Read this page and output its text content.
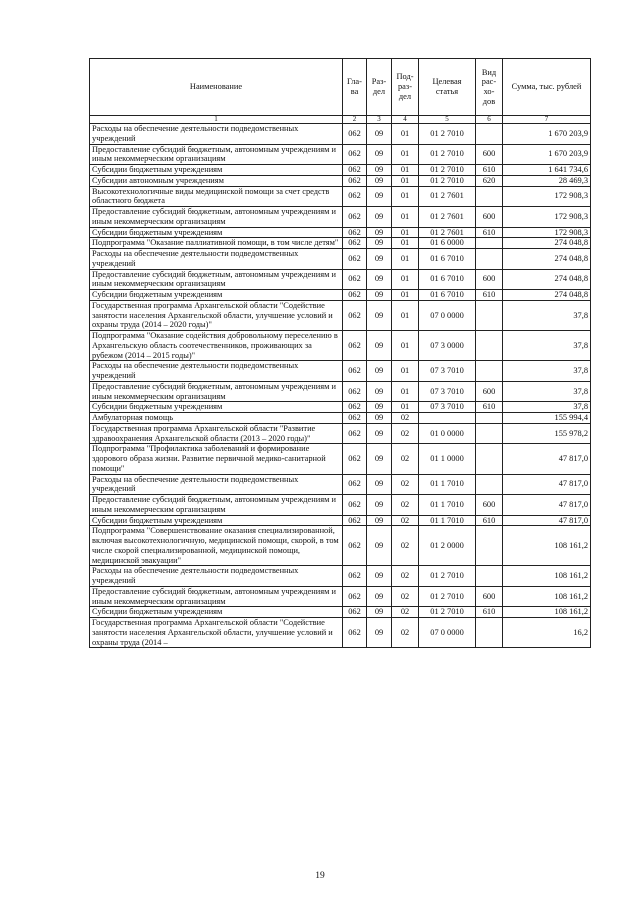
Наименование	Гла-ва	Раз-дел	Под-раз-дел	Целевая статья	Вид рас-хо-дов	Сумма, тыс. рублей
1	2	3	4	5	6	7
Расходы на обеспечение деятельности подведомственных учреждений	062	09	01	01 2 7010		1 670 203,9
Предоставление субсидий бюджетным, автономным учреждениям и иным некоммерческим организациям	062	09	01	01 2 7010	600	1 670 203,9
Субсидии бюджетным учреждениям	062	09	01	01 2 7010	610	1 641 734,6
Субсидии автономным учреждениям	062	09	01	01 2 7010	620	28 469,3
Высокотехнологичные виды медицинской помощи за счет средств областного бюджета	062	09	01	01 2 7601		172 908,3
Предоставление субсидий бюджетным, автономным учреждениям и иным некоммерческим организациям	062	09	01	01 2 7601	600	172 908,3
Субсидии бюджетным учреждениям	062	09	01	01 2 7601	610	172 908,3
Подпрограмма "Оказание паллиативной помощи, в том числе детям"	062	09	01	01 6 0000		274 048,8
Расходы на обеспечение деятельности подведомственных учреждений	062	09	01	01 6 7010		274 048,8
Предоставление субсидий бюджетным, автономным учреждениям и иным некоммерческим организациям	062	09	01	01 6 7010	600	274 048,8
Субсидии бюджетным учреждениям	062	09	01	01 6 7010	610	274 048,8
Государственная программа Архангельской области "Содействие занятости населения Архангельской области, улучшение условий и охраны труда (2014 – 2020 годы)"	062	09	01	07 0 0000		37,8
Подпрограмма "Оказание содействия добровольному переселению в Архангельскую область соотечественников, проживающих за рубежом (2014 – 2015 годы)"	062	09	01	07 3 0000		37,8
Расходы на обеспечение деятельности подведомственных учреждений	062	09	01	07 3 7010		37,8
Предоставление субсидий бюджетным, автономным учреждениям и иным некоммерческим организациям	062	09	01	07 3 7010	600	37,8
Субсидии бюджетным учреждениям	062	09	01	07 3 7010	610	37,8
Амбулаторная помощь	062	09	02			155 994,4
Государственная программа Архангельской области "Развитие здравоохранения Архангельской области (2013 – 2020 годы)"	062	09	02	01 0 0000		155 978,2
Подпрограмма "Профилактика заболеваний и формирование здорового образа жизни. Развитие первичной медико-санитарной помощи"	062	09	02	01 1 0000		47 817,0
Расходы на обеспечение деятельности подведомственных учреждений	062	09	02	01 1 7010		47 817,0
Предоставление субсидий бюджетным, автономным учреждениям и иным некоммерческим организациям	062	09	02	01 1 7010	600	47 817,0
Субсидии бюджетным учреждениям	062	09	02	01 1 7010	610	47 817,0
Подпрограмма "Совершенствование оказания специализированной, включая высокотехнологичную, медицинской помощи, скорой, в том числе скорой специализированной, медицинской помощи, медицинской эвакуации"	062	09	02	01 2 0000		108 161,2
Расходы на обеспечение деятельности подведомственных учреждений	062	09	02	01 2 7010		108 161,2
Предоставление субсидий бюджетным, автономным учреждениям и иным некоммерческим организациям	062	09	02	01 2 7010	600	108 161,2
Субсидии бюджетным учреждениям	062	09	02	01 2 7010	610	108 161,2
Государственная программа Архангельской области "Содействие занятости населения Архангельской области, улучшение условий и охраны труда (2014 –	062	09	02	07 0 0000		16,2
19
